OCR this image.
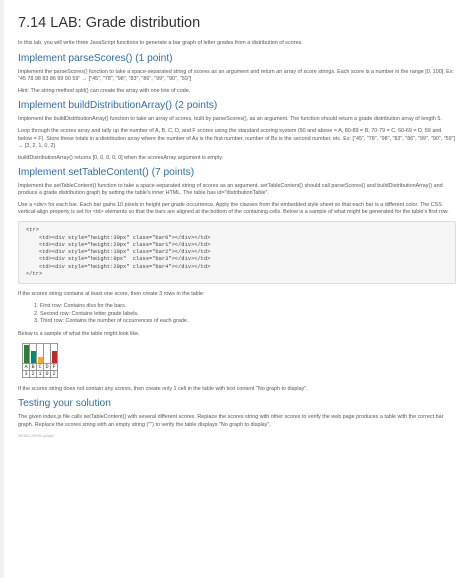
7.14 LAB: Grade distribution

In this lab, you will write three JavaScript functions to generate a bar graph of letter grades from a distribution of scores.

Implement parseScores() (1 point)

Implement the parseScores() function to take a space-separated string of scores as an argument and return an array of score strings. Each score is a number in the range [0, 100]. Ex: "45 78 98 83 86 99 90 59" → ["45", "78", "98", "83", "86", "99", "90", "59"]

Hint: The string method split() can create the array with one line of code.

Implement buildDistributionArray() (2 points)

Implement the buildDistributionArray() function to take an array of scores, built by parseScores(), as an argument. The function should return a grade distribution array of length 5.

Loop through the scores array and tally up the number of A, B, C, D, and F scores using the standard scoring system (90 and above = A, 80-89 = B, 70-79 = C, 60-69 = D, 59 and below = F). Store these totals in a distribution array where the number of As is the first number, number of Bs is the second number, etc. Ex: ["45", "78", "98", "83", "86", "99", "90", "59"] → [3, 2, 1, 0, 2]

buildDistributionArray() returns [0, 0, 0, 0, 0] when the scoresArray argument is empty.

Implement setTableContent() (7 points)

Implement the setTableContent() function to take a space-separated string of scores as an argument. setTableContent() should call parseScores() and buildDistributionArray() and produce a grade distribution graph by setting the table's inner HTML. The table has id="distributionTable".

Use a <div> for each bar. Each bar gains 10 pixels in height per grade occurrence. Apply the classes from the embedded style sheet so that each bar is a different color. The CSS vertical-align property is set for <td> elements so that the bars are aligned at the bottom of the containing cells. Below is a sample of what might be generated for the table's first row.

<tr>
<td><div style="height:30px" class="bar0"></div></td>
<td><div style="height:20px" class="bar1"></div></td>
<td><div style="height:10px" class="bar2"></div></td>
<td><div style="height:0px"  class="bar3"></div></td>
<td><div style="height:20px" class="bar4"></div></td>
</tr>

If the scores string contains at least one score, then create 3 rows in the table:

1. First row: Contains divs for the bars.
2. Second row: Contains letter grade labels.
3. Third row: Contains the number of occurrences of each grade.

Below is a sample of what the table might look like.

A	B	C	D	F
3	2	1	0	2

If the scores string does not contain any scores, then create only 1 cell in the table with text content "No graph to display".

Testing your solution

The given index.js file calls setTableContent() with several different scores. Replace the scores string with other scores to verify the web page produces a table with the correct bar graph. Replace the scores string with an empty string ("") to verify the table displays "No graph to display".

987463.1754756.qx3zqy7
